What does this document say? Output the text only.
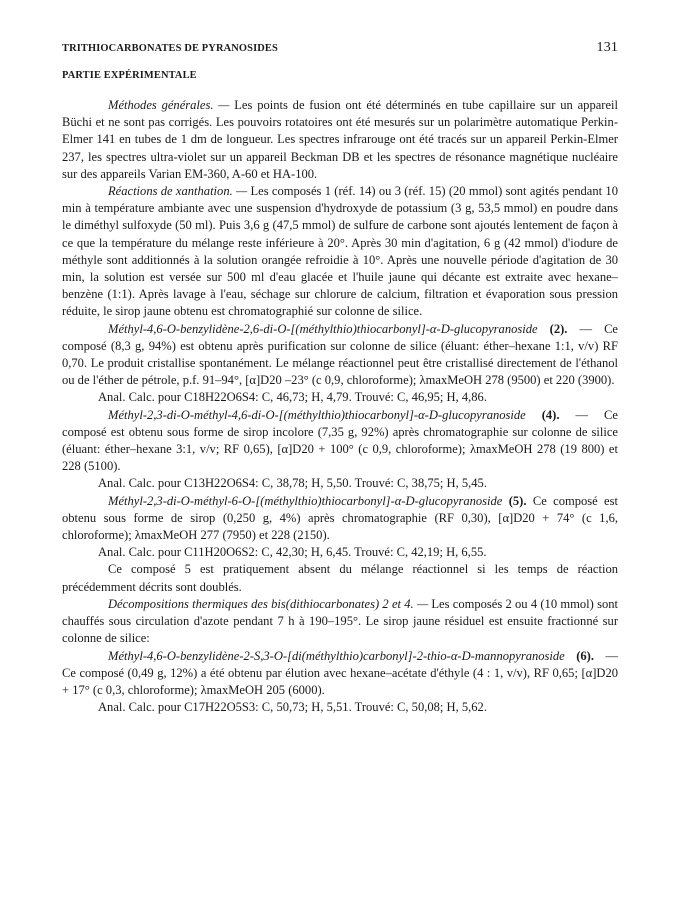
TRITHIOCARBONATES DE PYRANOSIDES	131
PARTIE EXPÉRIMENTALE

Méthodes générales. — Les points de fusion ont été déterminés en tube capillaire sur un appareil Büchi et ne sont pas corrigés. Les pouvoirs rotatoires ont été mesurés sur un polarimètre automatique Perkin-Elmer 141 en tubes de 1 dm de longueur. Les spectres infrarouge ont été tracés sur un appareil Perkin-Elmer 237, les spectres ultra-violet sur un appareil Beckman DB et les spectres de résonance magnétique nucléaire sur des appareils Varian EM-360, A-60 et HA-100.

Réactions de xanthation. — Les composés 1 (réf. 14) ou 3 (réf. 15) (20 mmol) sont agités pendant 10 min à température ambiante avec une suspension d'hydroxyde de potassium (3 g, 53,5 mmol) en poudre dans le diméthyl sulfoxyde (50 ml). Puis 3,6 g (47,5 mmol) de sulfure de carbone sont ajoutés lentement de façon à ce que la température du mélange reste inférieure à 20°. Après 30 min d'agitation, 6 g (42 mmol) d'iodure de méthyle sont additionnés à la solution orangée refroidie à 10°. Après une nouvelle période d'agitation de 30 min, la solution est versée sur 500 ml d'eau glacée et l'huile jaune qui décante est extraite avec hexane–benzène (1:1). Après lavage à l'eau, séchage sur chlorure de calcium, filtration et évaporation sous pression réduite, le sirop jaune obtenu est chromatographié sur colonne de silice.

Méthyl-4,6-O-benzylidène-2,6-di-O-[(méthylthio)thiocarbonyl]-α-D-glucopyranoside (2). — Ce composé (8,3 g, 94%) est obtenu après purification sur colonne de silice (éluant: éther–hexane 1:1, v/v) RF 0,70. Le produit cristallise spontanément. Le mélange réactionnel peut être cristallisé directement de l'éthanol ou de l'éther de pétrole, p.f. 91–94°, [α]D20 –23° (c 0,9, chloroforme); λmaxMeOH 278 (9500) et 220 (3900).

Anal. Calc. pour C18H22O6S4: C, 46,73; H, 4,79. Trouvé: C, 46,95; H, 4,86.

Méthyl-2,3-di-O-méthyl-4,6-di-O-[(méthylthio)thiocarbonyl]-α-D-glucopyranoside (4). — Ce composé est obtenu sous forme de sirop incolore (7,35 g, 92%) après chromatographie sur colonne de silice (éluant: éther–hexane 3:1, v/v; RF 0,65), [α]D20 + 100° (c 0,9, chloroforme); λmaxMeOH 278 (19 800) et 228 (5100).

Anal. Calc. pour C13H22O6S4: C, 38,78; H, 5,50. Trouvé: C, 38,75; H, 5,45.

Méthyl-2,3-di-O-méthyl-6-O-[(méthylthio)thiocarbonyl]-α-D-glucopyranoside (5). Ce composé est obtenu sous forme de sirop (0,250 g, 4%) après chromatographie (RF 0,30), [α]D20 + 74° (c 1,6, chloroforme); λmaxMeOH 277 (7950) et 228 (2150).

Anal. Calc. pour C11H20O6S2: C, 42,30; H, 6,45. Trouvé: C, 42,19; H, 6,55.

Ce composé 5 est pratiquement absent du mélange réactionnel si les temps de réaction précédemment décrits sont doublés.

Décompositions thermiques des bis(dithiocarbonates) 2 et 4. — Les composés 2 ou 4 (10 mmol) sont chauffés sous circulation d'azote pendant 7 h à 190–195°. Le sirop jaune résiduel est ensuite fractionné sur colonne de silice:

Méthyl-4,6-O-benzylidène-2-S,3-O-[di(méthylthio)carbonyl]-2-thio-α-D-mannopyranoside (6). — Ce composé (0,49 g, 12%) a été obtenu par élution avec hexane–acétate d'éthyle (4 : 1, v/v), RF 0,65; [α]D20 + 17° (c 0,3, chloroforme); λmaxMeOH 205 (6000).

Anal. Calc. pour C17H22O5S3: C, 50,73; H, 5,51. Trouvé: C, 50,08; H, 5,62.
